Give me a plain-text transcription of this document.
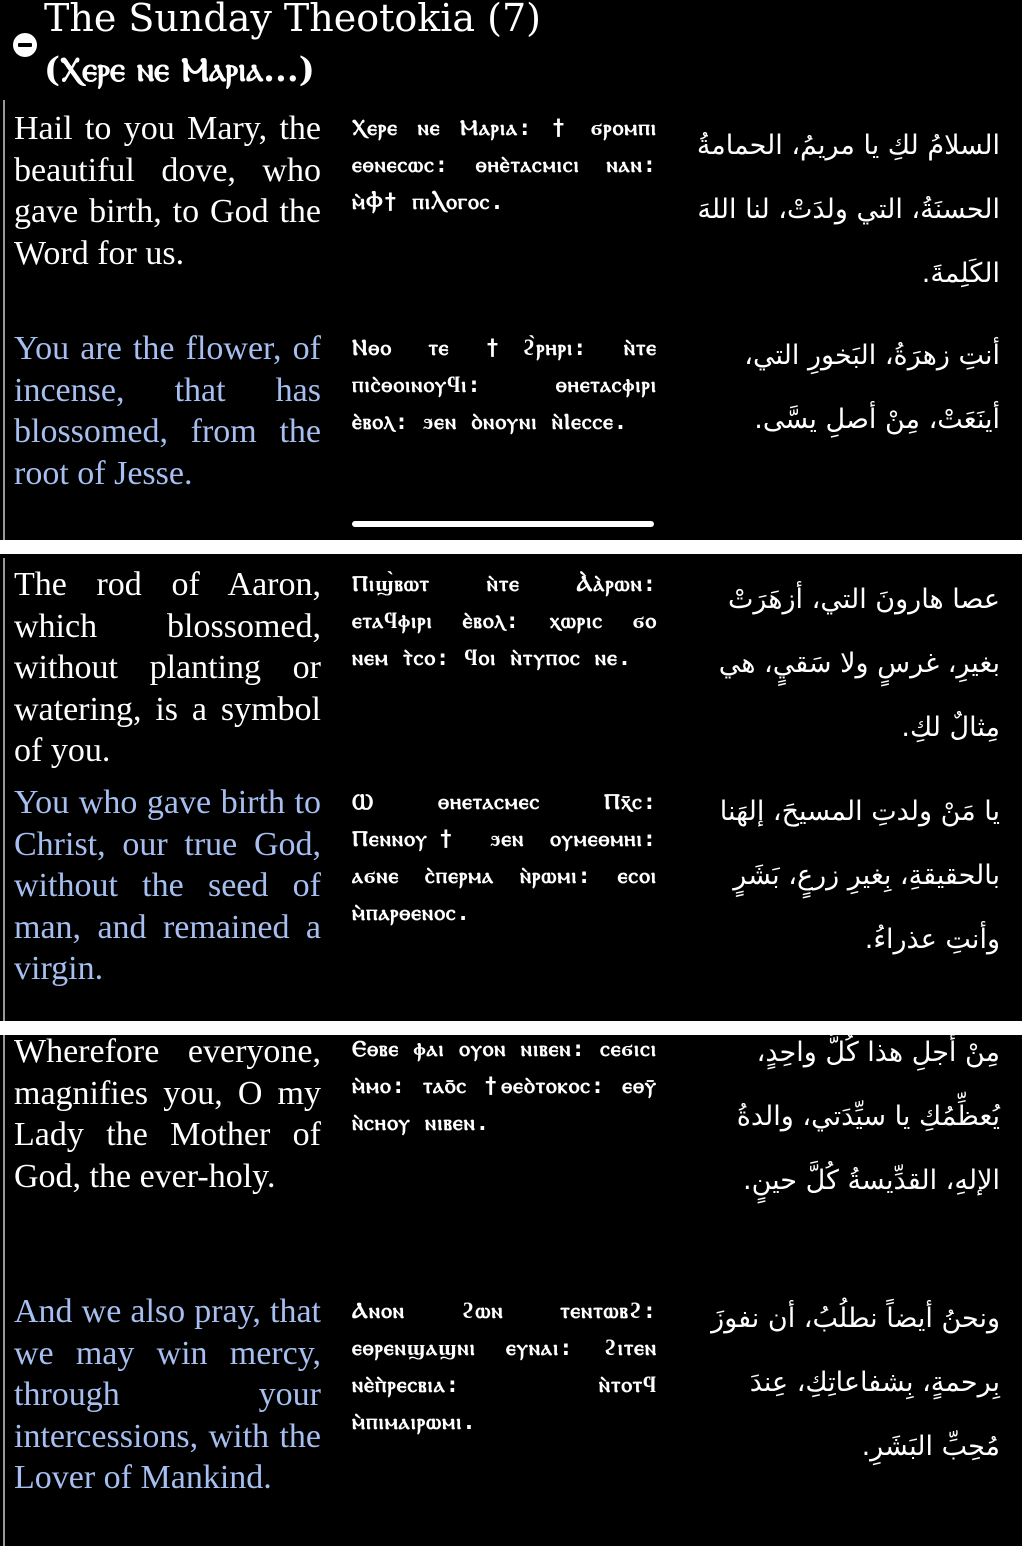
The Sunday Theotokia (7)
(Ⲭⲉⲣⲉ ⲛⲉ Ⲙⲁⲣⲓⲁ...)
Hail to you Mary, the beautiful dove, who gave birth, to God the Word for us.
Ⲭⲉⲣⲉ ⲛⲉ Ⲙⲁⲣⲓⲁ: † ϭⲣⲟⲙⲡⲓ ⲉⲑⲛⲉⲥⲱⲥ: ⲑⲏⲉ̀ⲧⲁⲥⲙⲓⲥⲓ ⲛⲁⲛ: ⲙ̀Ⲫ† ⲡⲓⲖⲟⲅⲟⲥ.
السلامُ لكِ يا مريمُ، الحمامةُ الحسنَةُ، التي ولدَتْ، لنا اللهَ الكَلِمةَ.
You are the flower, of incense, that has blossomed, from the root of Jesse.
Ⲛⲑⲟ ⲧⲉ †ϩ̀ⲣⲏⲣⲓ: ⲛ̀ⲧⲉ ⲡⲓⲥ̀ⲑⲟⲓⲛⲟⲩϥⲓ: ⲑⲏⲉⲧⲁⲥⲫⲓⲣⲓ ⲉ̀ⲃⲟⲗ: ϧⲉⲛ ⲟ̀ⲛⲟⲩⲛⲓ ⲛ̀Ⲓⲉⲥⲥⲉ.
أنتِ زهرَةُ، البَخورِ التي، أينَعَتْ، مِنْ أصلِ يسَّى.
The rod of Aaron, which blossomed, without planting or watering, is a symbol of you.
Ⲡⲓϣ̀ⲃⲱⲧ ⲛ̀ⲧⲉ Ⲁ̀ⲁ̀ⲣⲱⲛ: ⲉⲧⲁϥⲫⲓⲣⲓ ⲉ̀ⲃⲟⲗ: ⲭⲱⲣⲓⲥ ϭⲟ ⲛⲉⲙ ⲧ̀ⲥⲟ: ϥⲟⲓ ⲛ̀ⲧⲩⲡⲟⲥ ⲛⲉ.
عصا هارونَ التي، أزهَرَتْ بغيرِ، غرسٍ ولا سَقيٍ، هي مِثالٌ لكِ.
You who gave birth to Christ, our true God, without the seed of man, and remained a virgin.
Ⲱ ⲑⲏⲉⲧⲁⲥⲙⲉⲥ Ⲡⲭ̄ⲥ: Ⲡⲉⲛⲛⲟⲩ† ϧⲉⲛ ⲟⲩⲙⲉⲑⲙⲏⲓ: ⲁϭⲛⲉ ⲥ̀ⲡⲉⲣⲙⲁ ⲛ̀ⲣⲱⲙⲓ: ⲉⲥⲟⲓ ⲙ̀ⲡⲁⲣⲑⲉⲛⲟⲥ.
يا مَنْ ولدتِ المسيحَ، إلهَنا بالحقيقةِ، بِغيرِ زرعٍ، بَشَرٍ وأنتِ عذراءُ.
Wherefore everyone, magnifies you, O my Lady the Mother of God, the ever-holy.
Ⲉⲑⲃⲉ ⲫⲁⲓ ⲟⲩⲟⲛ ⲛⲓⲃⲉⲛ: ⲥⲉϭⲓⲥⲓ ⲙ̀ⲙⲟ: ⲧⲁⲟ̄ⲥ †ⲑⲉⲟ̀ⲧⲟⲕⲟⲥ: ⲉⲑⲩ̄ ⲛ̀ⲥⲏⲟⲩ ⲛⲓⲃⲉⲛ.
مِنْ أجلِ هذا كُلُّ واحِدٍ، يُعظِّمُكِ يا سيِّدَتي، والدةُ الإلهِ، القدِّيسةُ كُلَّ حينٍ.
And we also pray, that we may win mercy, through your intercessions, with the Lover of Mankind.
Ⲁⲛⲟⲛ ϩⲱⲛ ⲧⲉⲛⲧⲱⲃϩ: ⲉⲑⲣⲉⲛϣⲁϣⲛⲓ ⲉⲩⲛⲁⲓ: ϩⲓⲧⲉⲛ ⲛⲉ̀ⲡ̀ⲣⲉⲥⲃⲓⲁ: ⲛ̀ⲧⲟⲧϥ ⲙ̀ⲡⲓⲙⲁⲓⲣⲱⲙⲓ.
ونحنُ أيضاً نطلُبُ، أن نفوزَ بِرحمةٍ، بِشفاعاتِكِ، عِندَ مُحِبِّ البَشَرِ.
